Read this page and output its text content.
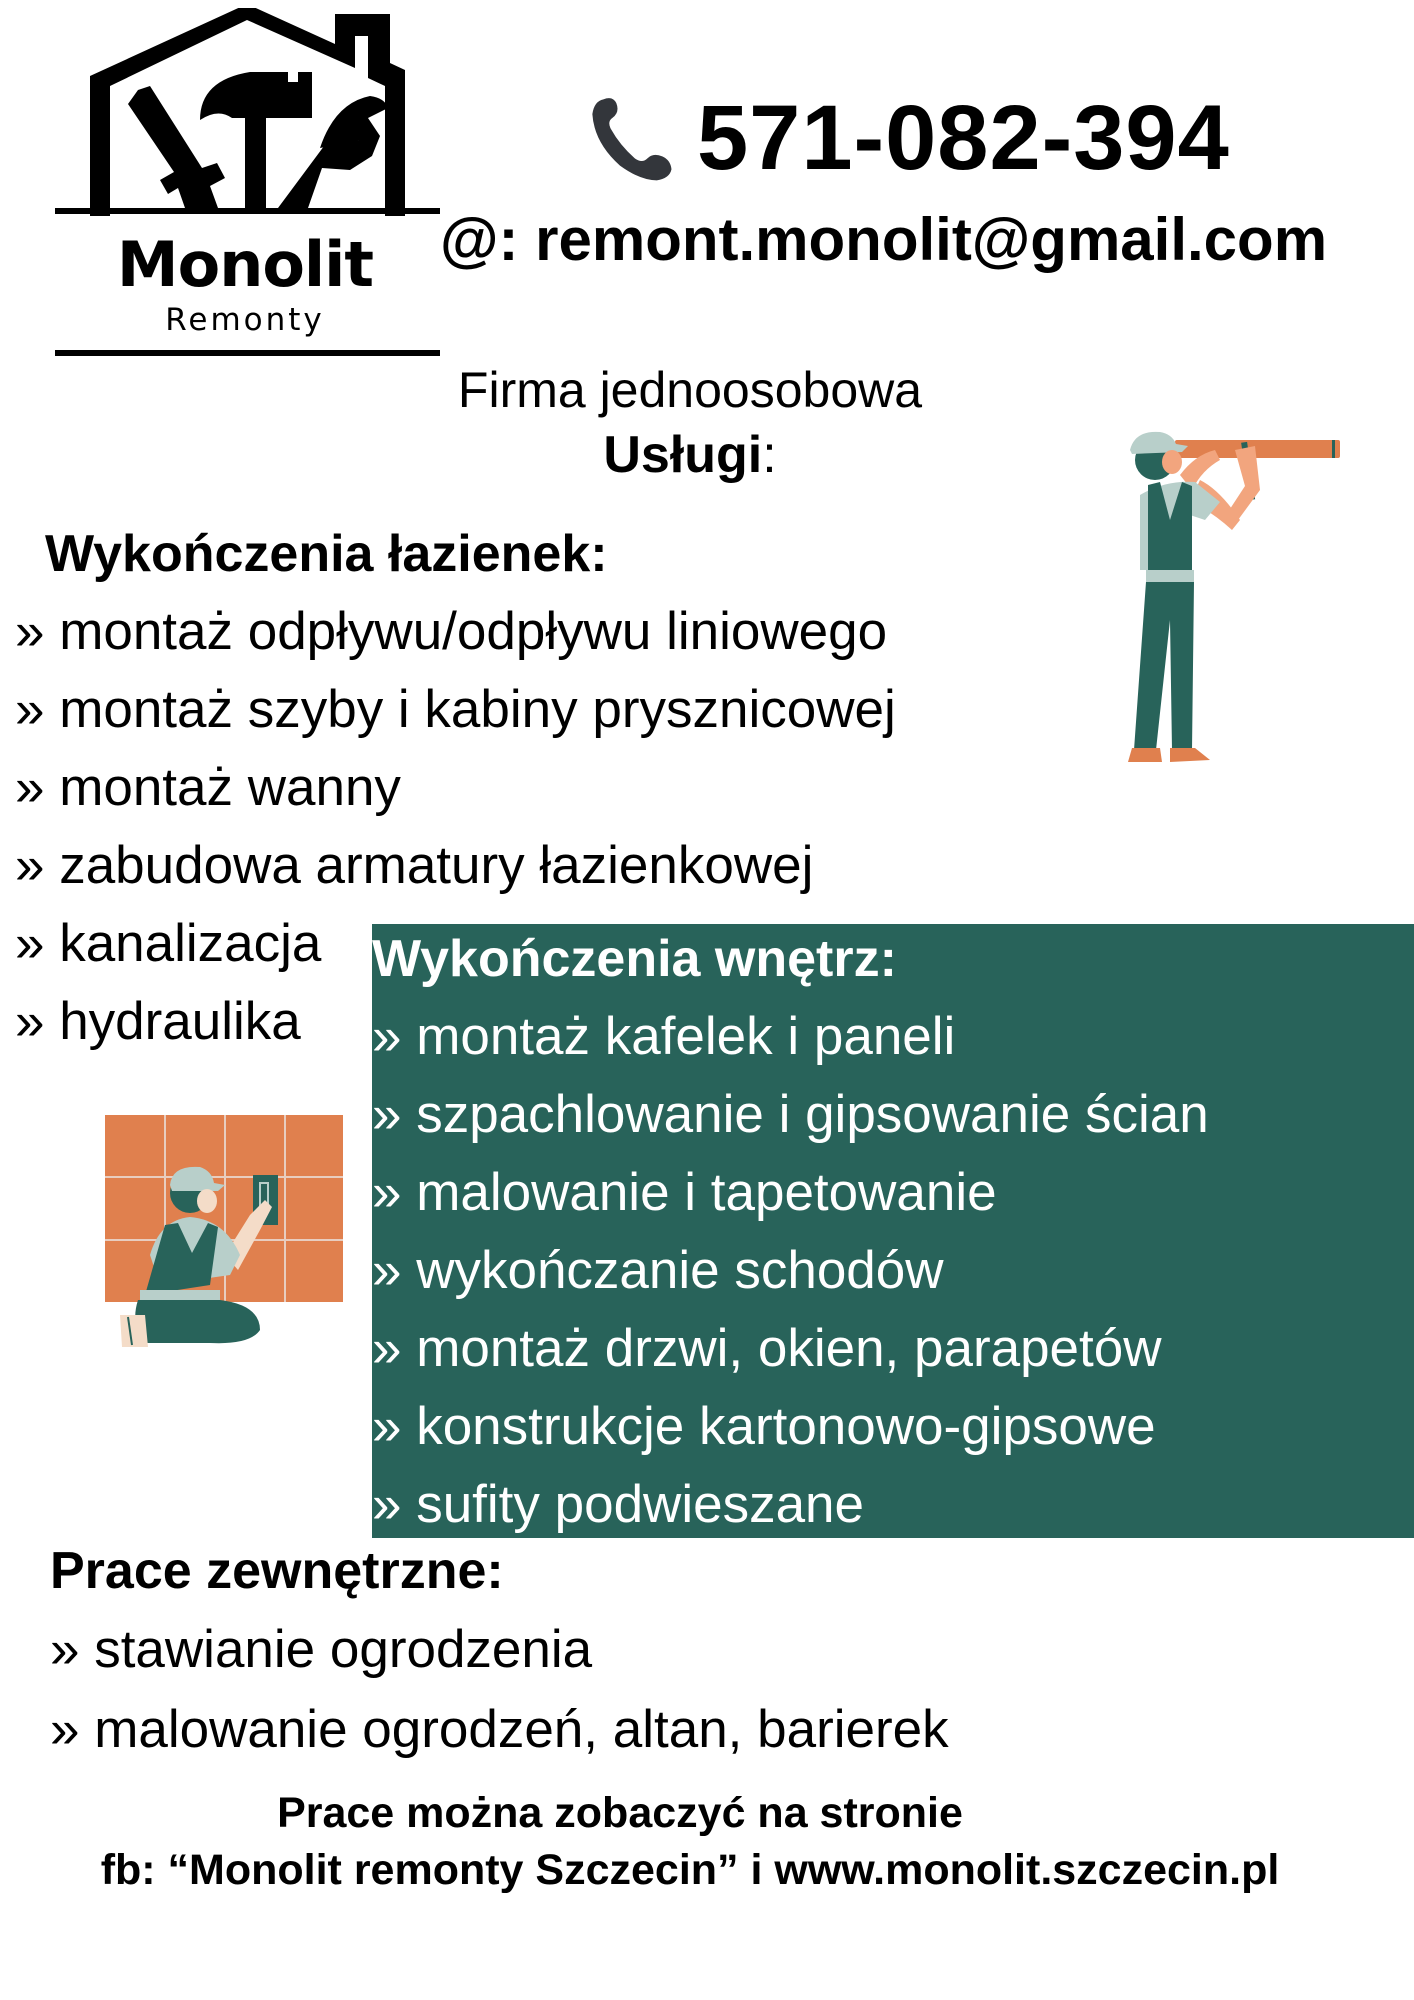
Monolit
Remonty
571-082-394
@: remont.monolit@gmail.com
Firma jednoosobowa
Usługi:
Wykończenia łazienek:
» montaż odpływu/odpływu liniowego
» montaż szyby i kabiny prysznicowej
» montaż wanny
» zabudowa armatury łazienkowej
» kanalizacja
» hydraulika
Wykończenia wnętrz:
» montaż kafelek i paneli
» szpachlowanie i gipsowanie ścian
» malowanie i tapetowanie
» wykończanie schodów
» montaż drzwi, okien, parapetów
» konstrukcje kartonowo-gipsowe
» sufity podwieszane
Prace zewnętrzne:
» stawianie ogrodzenia
» malowanie ogrodzeń, altan, barierek
Prace można zobaczyć na stronie
fb: “Monolit remonty Szczecin” i www.monolit.szczecin.pl
